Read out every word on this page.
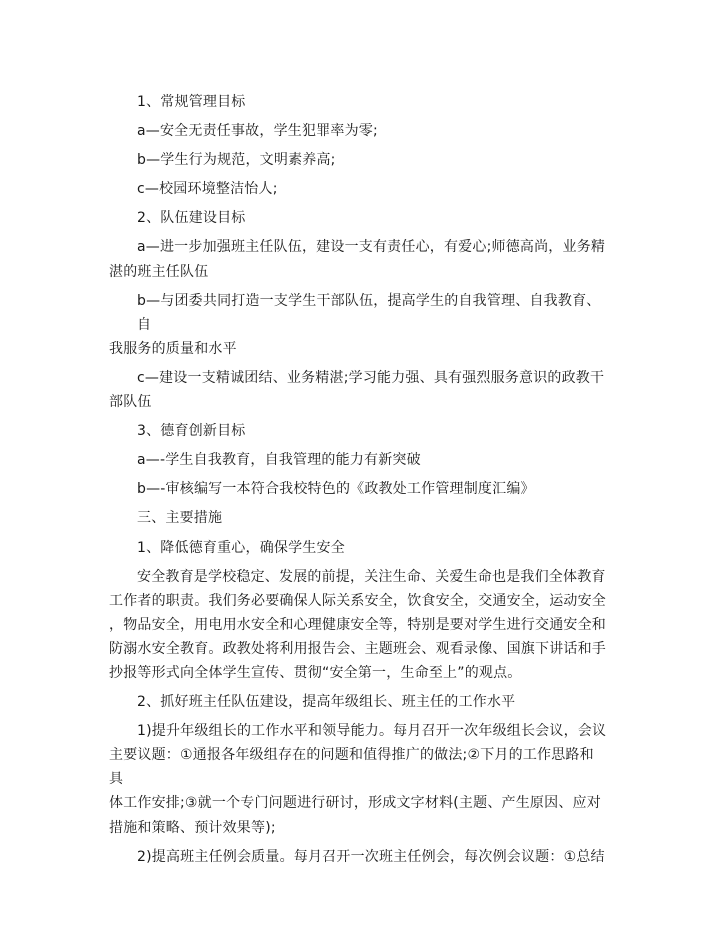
1、常规管理目标
a—安全无责任事故，学生犯罪率为零;
b—学生行为规范，文明素养高;
c—校园环境整洁怡人;
2、队伍建设目标
a—进一步加强班主任队伍，建设一支有责任心，有爱心;师德高尚，业务精
湛的班主任队伍
b—与团委共同打造一支学生干部队伍，提高学生的自我管理、自我教育、自
我服务的质量和水平
c—建设一支精诚团结、业务精湛;学习能力强、具有强烈服务意识的政教干
部队伍
3、德育创新目标
a—-学生自我教育，自我管理的能力有新突破
b—-审核编写一本符合我校特色的《政教处工作管理制度汇编》
三、主要措施
1、降低德育重心，确保学生安全
安全教育是学校稳定、发展的前提，关注生命、关爱生命也是我们全体教育
工作者的职责。我们务必要确保人际关系安全，饮食安全，交通安全，运动安全
，物品安全，用电用水安全和心理健康安全等，特别是要对学生进行交通安全和
防溺水安全教育。政教处将利用报告会、主题班会、观看录像、国旗下讲话和手
抄报等形式向全体学生宣传、贯彻“安全第一，生命至上”的观点。
2、抓好班主任队伍建设，提高年级组长、班主任的工作水平
1)提升年级组长的工作水平和领导能力。每月召开一次年级组长会议，会议
主要议题：①通报各年级组存在的问题和值得推广的做法;②下月的工作思路和具
体工作安排;③就一个专门问题进行研讨，形成文字材料(主题、产生原因、应对
措施和策略、预计效果等);
2)提高班主任例会质量。每月召开一次班主任例会，每次例会议题：①总结
